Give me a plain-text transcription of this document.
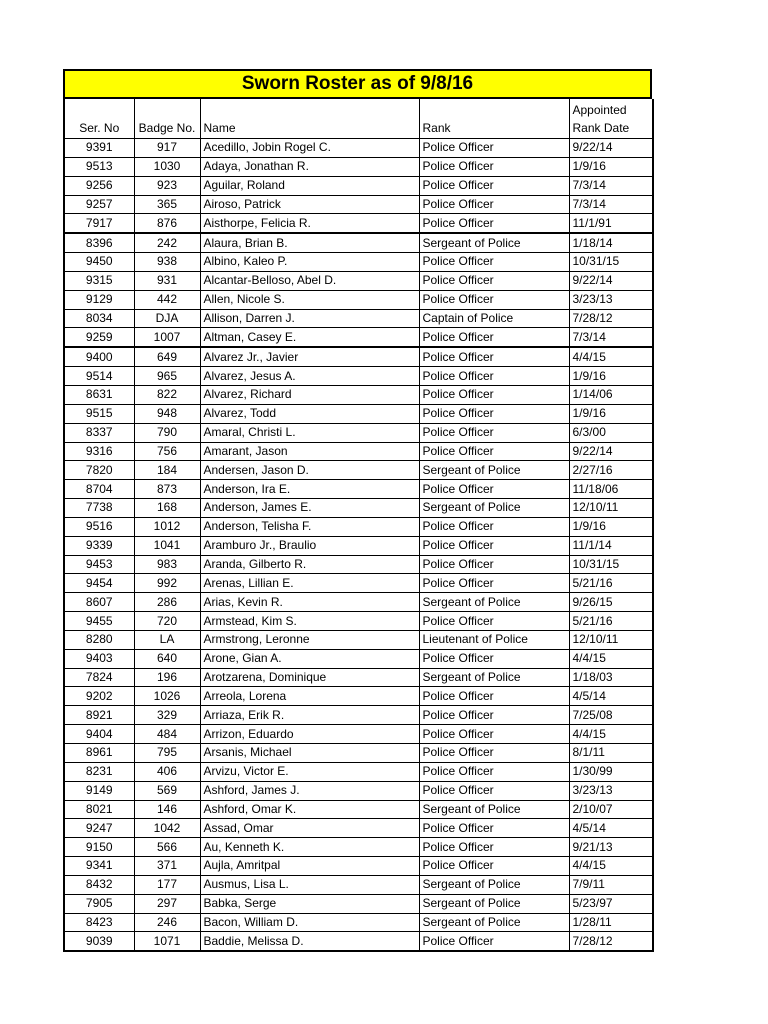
Sworn Roster as of 9/8/16
Ser. No	Badge No.	Name	Rank	Appointed
Rank Date
9391	917	Acedillo, Jobin Rogel C.	Police Officer	9/22/14
9513	1030	Adaya, Jonathan R.	Police Officer	1/9/16
9256	923	Aguilar, Roland	Police Officer	7/3/14
9257	365	Airoso, Patrick	Police Officer	7/3/14
7917	876	Aisthorpe, Felicia R.	Police Officer	11/1/91
8396	242	Alaura, Brian B.	Sergeant of Police	1/18/14
9450	938	Albino, Kaleo P.	Police Officer	10/31/15
9315	931	Alcantar-Belloso, Abel D.	Police Officer	9/22/14
9129	442	Allen, Nicole S.	Police Officer	3/23/13
8034	DJA	Allison, Darren J.	Captain of Police	7/28/12
9259	1007	Altman, Casey E.	Police Officer	7/3/14
9400	649	Alvarez Jr., Javier	Police Officer	4/4/15
9514	965	Alvarez, Jesus A.	Police Officer	1/9/16
8631	822	Alvarez, Richard	Police Officer	1/14/06
9515	948	Alvarez, Todd	Police Officer	1/9/16
8337	790	Amaral, Christi L.	Police Officer	6/3/00
9316	756	Amarant, Jason	Police Officer	9/22/14
7820	184	Andersen, Jason D.	Sergeant of Police	2/27/16
8704	873	Anderson, Ira E.	Police Officer	11/18/06
7738	168	Anderson, James E.	Sergeant of Police	12/10/11
9516	1012	Anderson, Telisha F.	Police Officer	1/9/16
9339	1041	Aramburo Jr., Braulio	Police Officer	11/1/14
9453	983	Aranda, Gilberto R.	Police Officer	10/31/15
9454	992	Arenas, Lillian E.	Police Officer	5/21/16
8607	286	Arias, Kevin R.	Sergeant of Police	9/26/15
9455	720	Armstead, Kim S.	Police Officer	5/21/16
8280	LA	Armstrong, Leronne	Lieutenant of Police	12/10/11
9403	640	Arone, Gian A.	Police Officer	4/4/15
7824	196	Arotzarena, Dominique	Sergeant of Police	1/18/03
9202	1026	Arreola, Lorena	Police Officer	4/5/14
8921	329	Arriaza, Erik R.	Police Officer	7/25/08
9404	484	Arrizon, Eduardo	Police Officer	4/4/15
8961	795	Arsanis, Michael	Police Officer	8/1/11
8231	406	Arvizu, Victor E.	Police Officer	1/30/99
9149	569	Ashford, James J.	Police Officer	3/23/13
8021	146	Ashford, Omar K.	Sergeant of Police	2/10/07
9247	1042	Assad, Omar	Police Officer	4/5/14
9150	566	Au, Kenneth K.	Police Officer	9/21/13
9341	371	Aujla, Amritpal	Police Officer	4/4/15
8432	177	Ausmus, Lisa L.	Sergeant of Police	7/9/11
7905	297	Babka, Serge	Sergeant of Police	5/23/97
8423	246	Bacon, William D.	Sergeant of Police	1/28/11
9039	1071	Baddie, Melissa D.	Police Officer	7/28/12
